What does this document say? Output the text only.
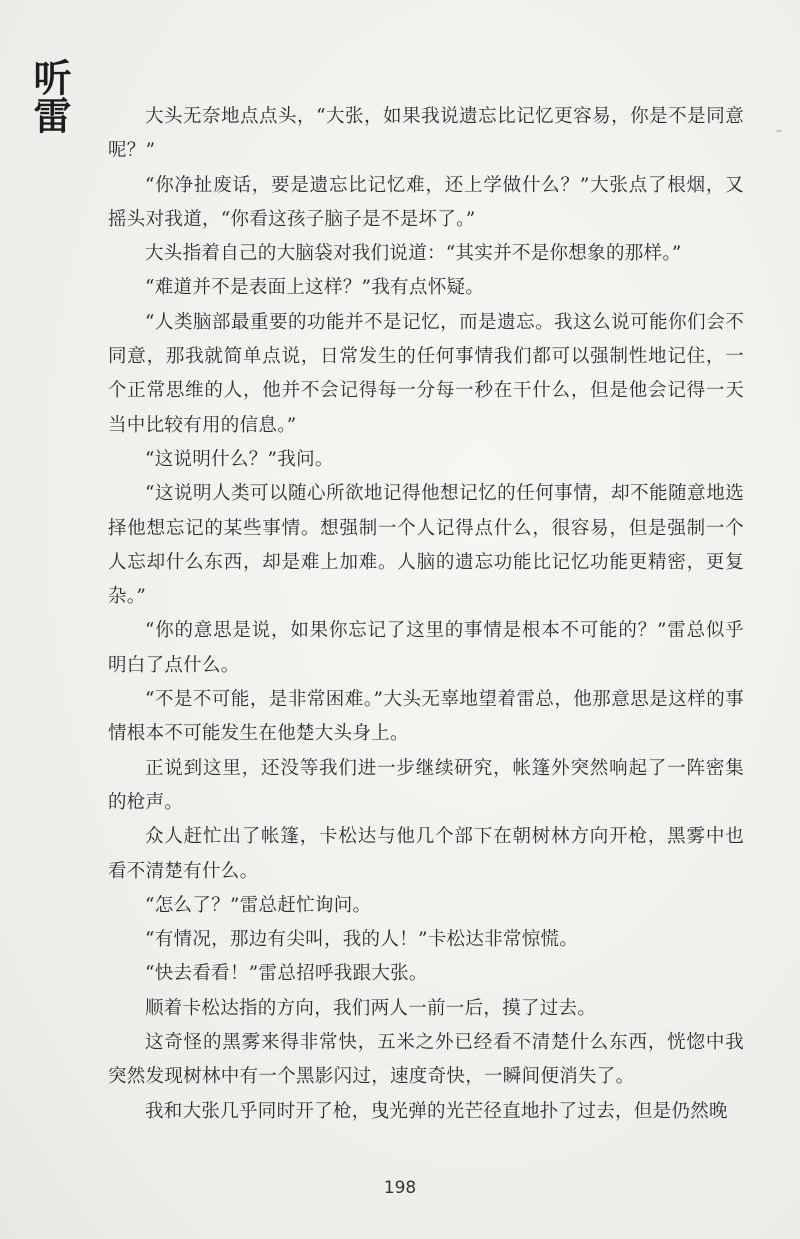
听雷	大头无奈地点点头，“大张，如果我说遗忘比记忆更容易，你是不是同意呢？”

“你净扯废话，要是遗忘比记忆难，还上学做什么？”大张点了根烟，又摇头对我道，“你看这孩子脑子是不是坏了。”

大头指着自己的大脑袋对我们说道：“其实并不是你想象的那样。”

“难道并不是表面上这样？”我有点怀疑。

“人类脑部最重要的功能并不是记忆，而是遗忘。我这么说可能你们会不同意，那我就简单点说，日常发生的任何事情我们都可以强制性地记住，一个正常思维的人，他并不会记得每一分每一秒在干什么，但是他会记得一天当中比较有用的信息。”

“这说明什么？”我问。

“这说明人类可以随心所欲地记得他想记忆的任何事情，却不能随意地选择他想忘记的某些事情。想强制一个人记得点什么，很容易，但是强制一个人忘却什么东西，却是难上加难。人脑的遗忘功能比记忆功能更精密，更复杂。”

“你的意思是说，如果你忘记了这里的事情是根本不可能的？”雷总似乎明白了点什么。

“不是不可能，是非常困难。”大头无辜地望着雷总，他那意思是这样的事情根本不可能发生在他楚大头身上。

正说到这里，还没等我们进一步继续研究，帐篷外突然响起了一阵密集的枪声。

众人赶忙出了帐篷，卡松达与他几个部下在朝树林方向开枪，黑雾中也看不清楚有什么。

“怎么了？”雷总赶忙询问。

“有情况，那边有尖叫，我的人！”卡松达非常惊慌。

“快去看看！”雷总招呼我跟大张。

顺着卡松达指的方向，我们两人一前一后，摸了过去。

这奇怪的黑雾来得非常快，五米之外已经看不清楚什么东西，恍惚中我突然发现树林中有一个黑影闪过，速度奇快，一瞬间便消失了。

我和大张几乎同时开了枪，曳光弹的光芒径直地扑了过去，但是仍然晚

198
